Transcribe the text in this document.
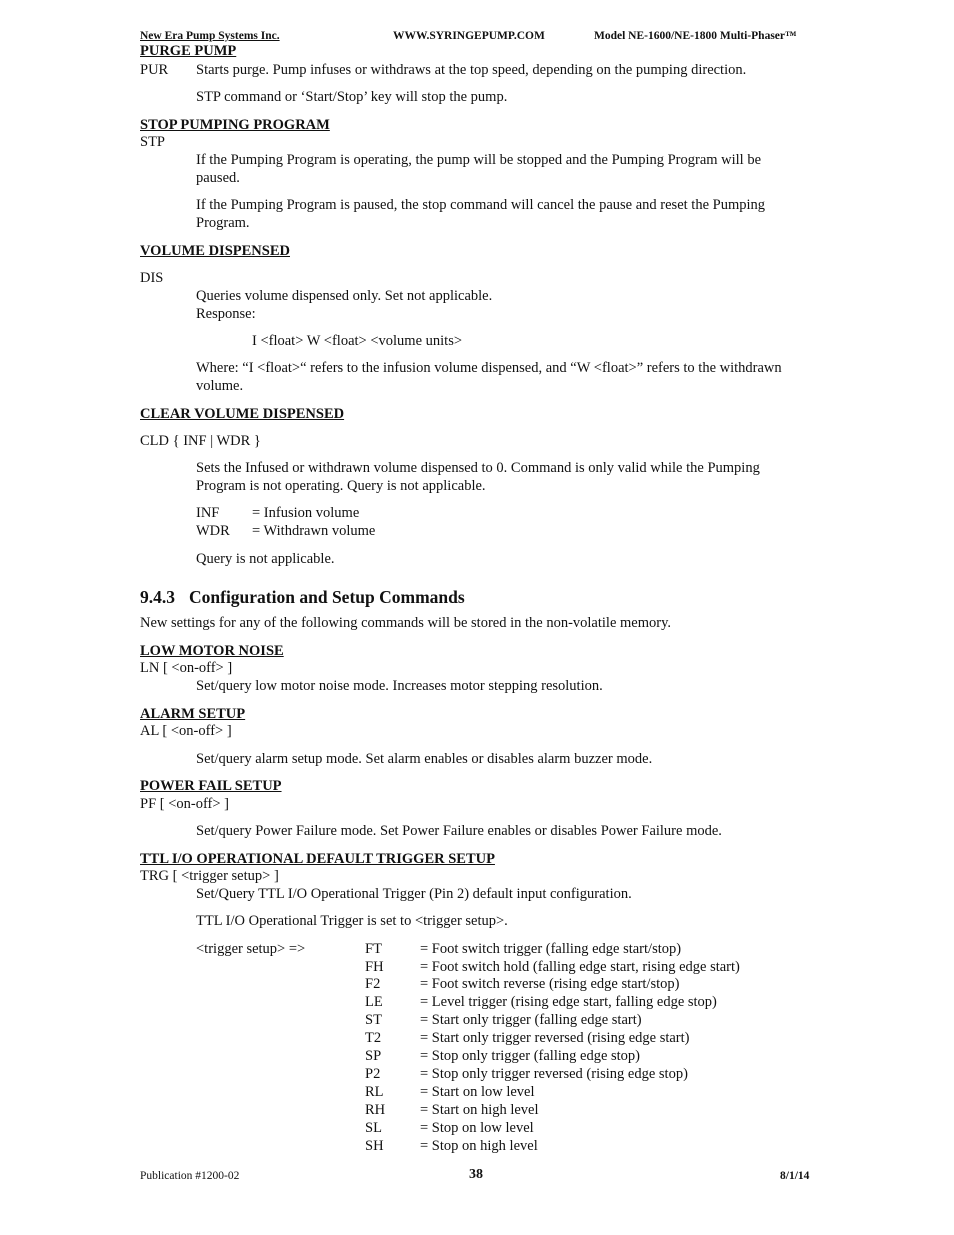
New Era Pump Systems Inc.	WWW.SYRINGEPUMP.COM	Model NE-1600/NE-1800 Multi-Phaser™
PURGE PUMP
PUR Starts purge. Pump infuses or withdraws at the top speed, depending on the pumping direction.
STP command or ‘Start/Stop’ key will stop the pump.
STOP PUMPING PROGRAM
STP
If the Pumping Program is operating, the pump will be stopped and the Pumping Program will be
paused.
If the Pumping Program is paused, the stop command will cancel the pause and reset the Pumping
Program.
VOLUME DISPENSED
DIS
Queries volume dispensed only. Set not applicable.
Response:
I <float> W <float> <volume units>
Where: “I <float>“ refers to the infusion volume dispensed, and “W <float>” refers to the withdrawn
volume.
CLEAR VOLUME DISPENSED
CLD { INF | WDR }
Sets the Infused or withdrawn volume dispensed to 0. Command is only valid while the Pumping
Program is not operating. Query is not applicable.
INF = Infusion volume
WDR = Withdrawn volume
Query is not applicable.
9.4.3 Configuration and Setup Commands
New settings for any of the following commands will be stored in the non-volatile memory.
LOW MOTOR NOISE
LN [ <on-off> ]
Set/query low motor noise mode. Increases motor stepping resolution.
ALARM SETUP
AL [ <on-off> ]
Set/query alarm setup mode. Set alarm enables or disables alarm buzzer mode.
POWER FAIL SETUP
PF [ <on-off> ]
Set/query Power Failure mode. Set Power Failure enables or disables Power Failure mode.
TTL I/O OPERATIONAL DEFAULT TRIGGER SETUP
TRG [ <trigger setup> ]
Set/Query TTL I/O Operational Trigger (Pin 2) default input configuration.
TTL I/O Operational Trigger is set to <trigger setup>.
<trigger setup> =>	FT	= Foot switch trigger (falling edge start/stop)
FH	= Foot switch hold (falling edge start, rising edge start)
F2	= Foot switch reverse (rising edge start/stop)
LE	= Level trigger (rising edge start, falling edge stop)
ST	= Start only trigger (falling edge start)
T2	= Start only trigger reversed (rising edge start)
SP	= Stop only trigger (falling edge stop)
P2	= Stop only trigger reversed (rising edge stop)
RL	= Start on low level
RH = Start on high level
SL	= Stop on low level
SH	= Stop on high level
Publication #1200-02	38	8/1/14
